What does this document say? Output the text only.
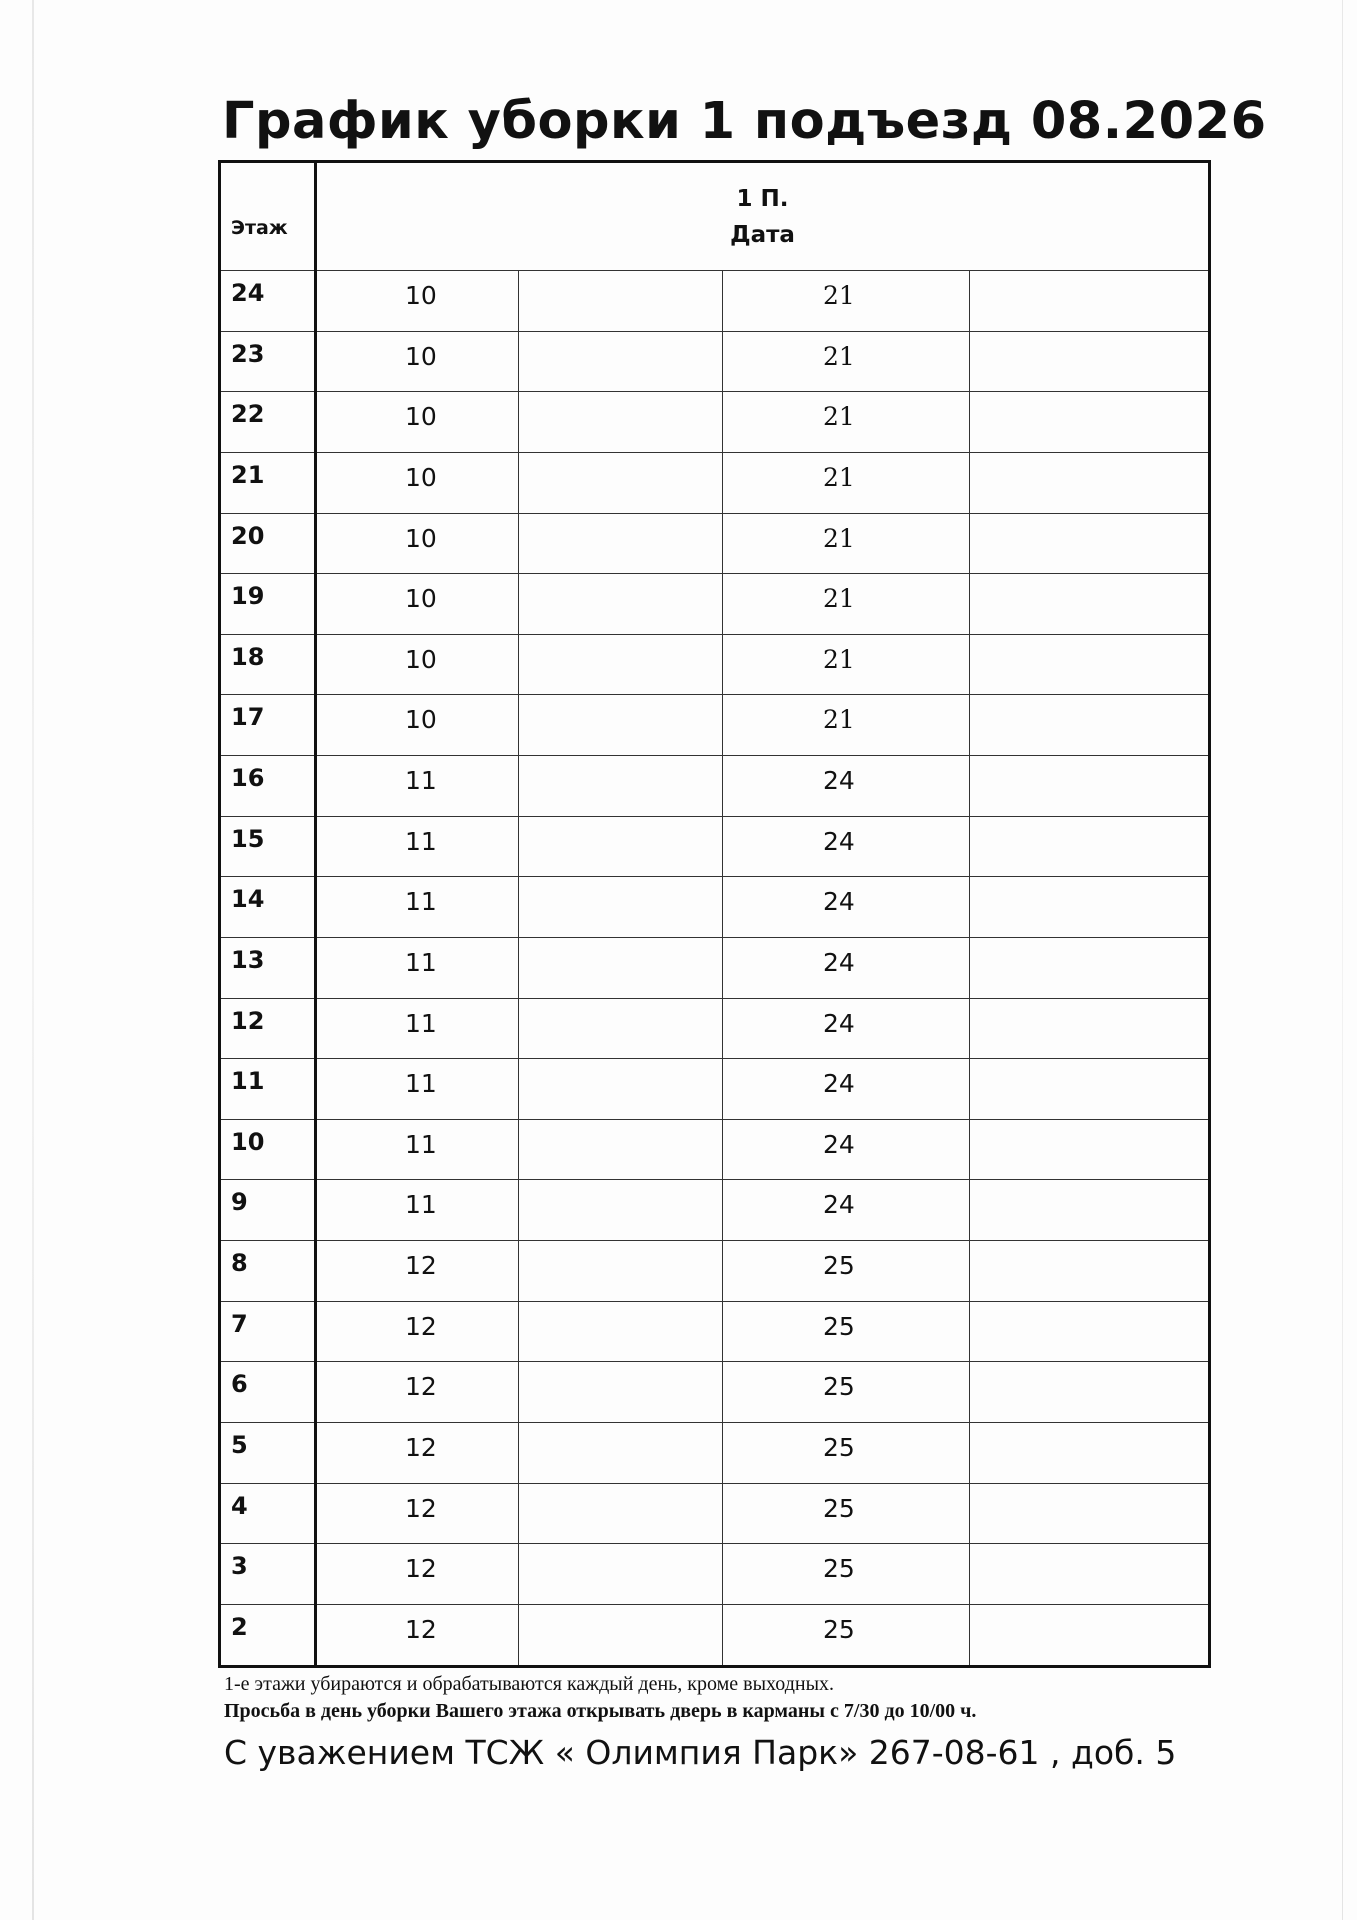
График уборки 1 подъезд 08.2026
Этаж	1 П.
Дата			

24	10		21	
23	10		21	
22	10		21	
21	10		21	
20	10		21	
19	10		21	
18	10		21	
17	10		21	
16	11		24	
15	11		24	
14	11		24	
13	11		24	
12	11		24	
11	11		24	
10	11		24	
9	11		24	
8	12		25	
7	12		25	
6	12		25	
5	12		25	
4	12		25	
3	12		25	
2	12		25	
1-е этажи убираются и обрабатываются каждый день, кроме выходных.
Просьба в день уборки Вашего этажа открывать дверь в карманы с 7/30 до 10/00 ч.
С уважением ТСЖ « Олимпия Парк» 267-08-61 , доб. 5
